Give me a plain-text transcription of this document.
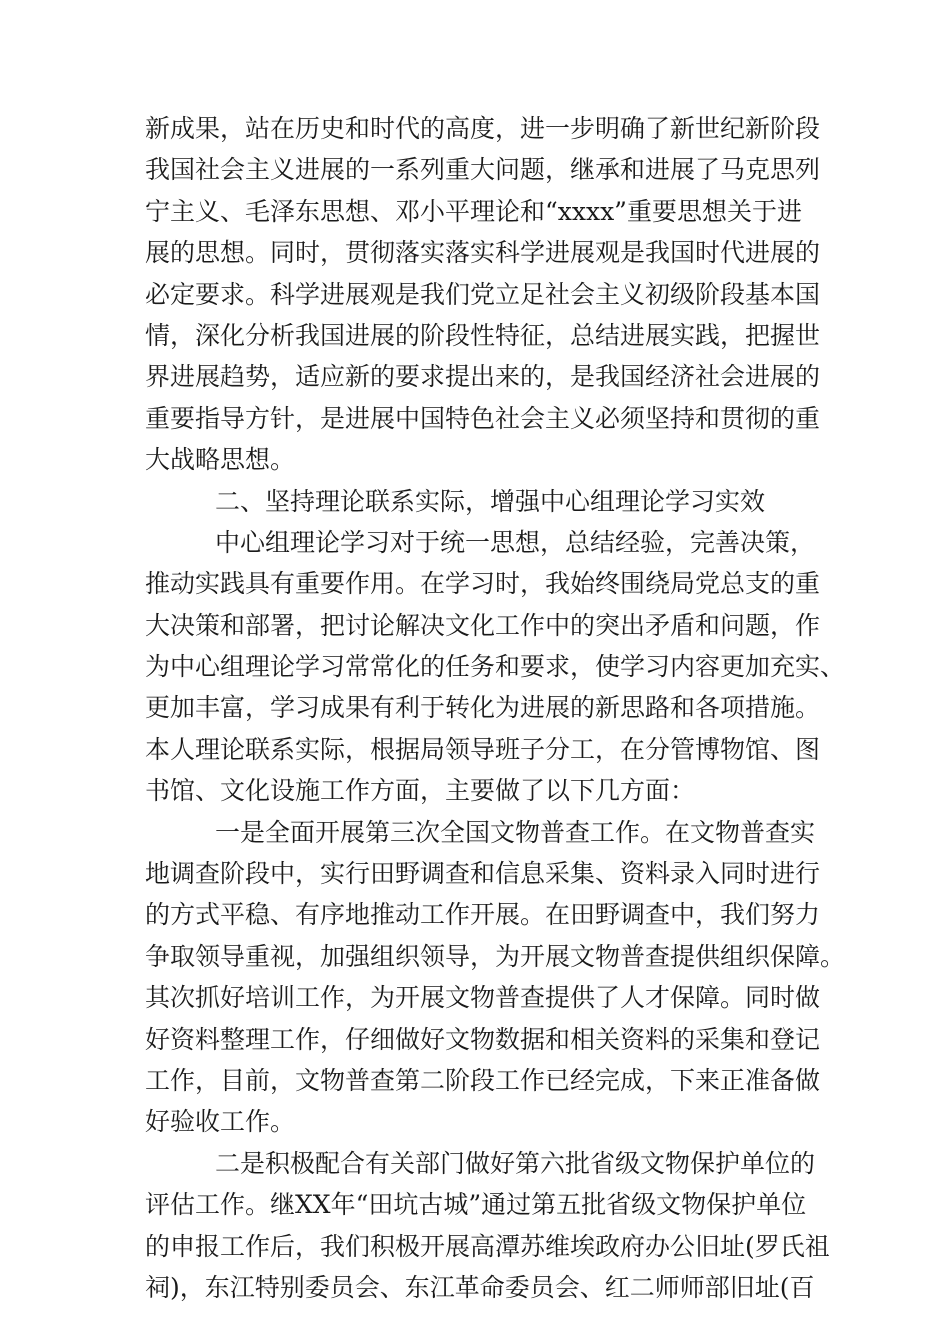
新成果，站在历史和时代的高度，进一步明确了新世纪新阶段
我国社会主义进展的一系列重大问题，继承和进展了马克思列
宁主义、毛泽东思想、邓小平理论和“xxxx”重要思想关于进
展的思想。同时，贯彻落实落实科学进展观是我国时代进展的
必定要求。科学进展观是我们党立足社会主义初级阶段基本国
情，深化分析我国进展的阶段性特征，总结进展实践，把握世
界进展趋势，适应新的要求提出来的，是我国经济社会进展的
重要指导方针，是进展中国特色社会主义必须坚持和贯彻的重
大战略思想。
二、坚持理论联系实际，增强中心组理论学习实效
中心组理论学习对于统一思想，总结经验，完善决策，
推动实践具有重要作用。在学习时，我始终围绕局党总支的重
大决策和部署，把讨论解决文化工作中的突出矛盾和问题，作
为中心组理论学习常常化的任务和要求，使学习内容更加充实、
更加丰富，学习成果有利于转化为进展的新思路和各项措施。
本人理论联系实际，根据局领导班子分工，在分管博物馆、图
书馆、文化设施工作方面，主要做了以下几方面：
一是全面开展第三次全国文物普查工作。在文物普查实
地调查阶段中，实行田野调查和信息采集、资料录入同时进行
的方式平稳、有序地推动工作开展。在田野调查中，我们努力
争取领导重视，加强组织领导，为开展文物普查提供组织保障。
其次抓好培训工作，为开展文物普查提供了人才保障。同时做
好资料整理工作，仔细做好文物数据和相关资料的采集和登记
工作，目前，文物普查第二阶段工作已经完成，下来正准备做
好验收工作。
二是积极配合有关部门做好第六批省级文物保护单位的
评估工作。继XX年“田坑古城”通过第五批省级文物保护单位
的申报工作后，我们积极开展高潭苏维埃政府办公旧址(罗氏祖
祠)，东江特别委员会、东江革命委员会、红二师师部旧址(百
